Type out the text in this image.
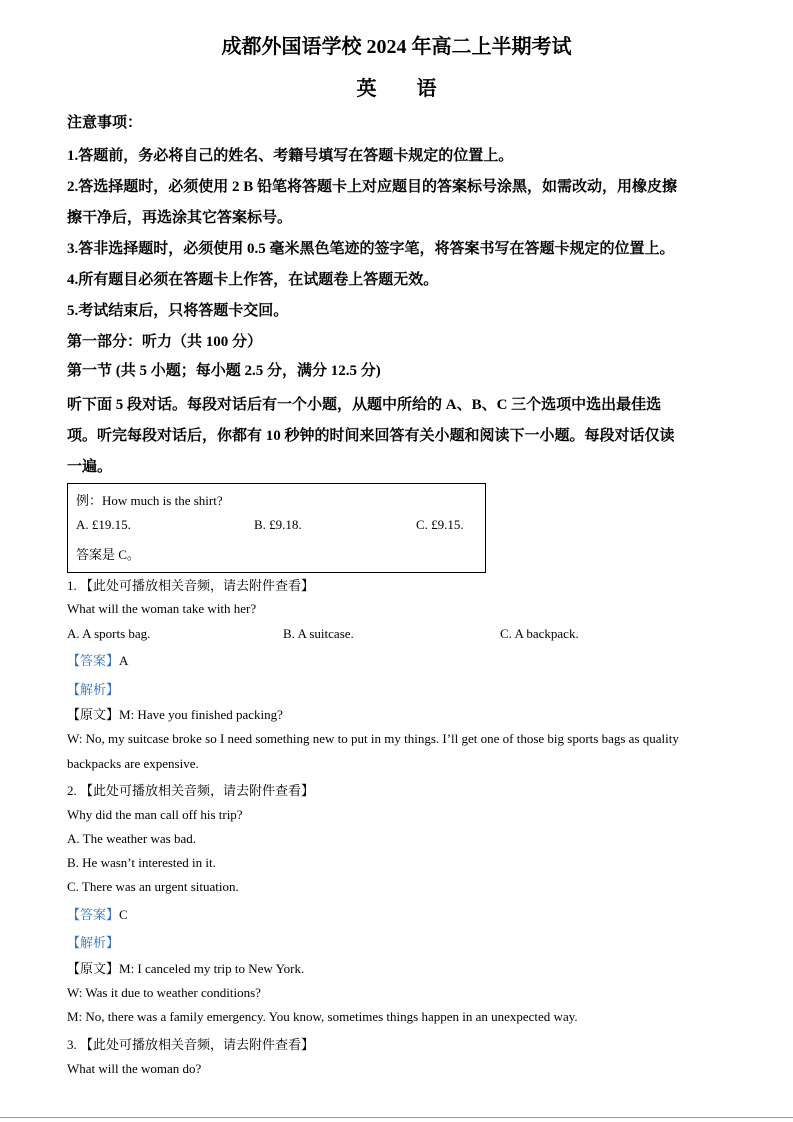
成都外国语学校 2024 年高二上半期考试
英　　语
注意事项：
1.答题前，务必将自己的姓名、考籍号填写在答题卡规定的位置上。
2.答选择题时，必须使用 2 B 铅笔将答题卡上对应题目的答案标号涂黑，如需改动，用橡皮擦
擦干净后，再选涂其它答案标号。
3.答非选择题时，必须使用 0.5 毫米黑色笔迹的签字笔，将答案书写在答题卡规定的位置上。
4.所有题目必须在答题卡上作答，在试题卷上答题无效。
5.考试结束后，只将答题卡交回。
第一部分：听力（共 100 分）
第一节 (共 5 小题；每小题 2.5 分，满分 12.5 分)
听下面 5 段对话。每段对话后有一个小题，从题中所给的 A、B、C 三个选项中选出最佳选
项。听完每段对话后，你都有 10 秒钟的时间来回答有关小题和阅读下一小题。每段对话仅读
一遍。
例：How much is the shirt?
A. £19.15.	B. £9.18.	C. £9.15.
答案是 C。
1. 【此处可播放相关音频，请去附件查看】
What will the woman take with her?
A. A sports bag.	B. A suitcase.	C. A backpack.
【答案】A
【解析】
【原文】M: Have you finished packing?
W: No, my suitcase broke so I need something new to put in my things. I’ll get one of those big sports bags as quality
backpacks are expensive.
2. 【此处可播放相关音频，请去附件查看】
Why did the man call off his trip?
A. The weather was bad.
B. He wasn’t interested in it.
C. There was an urgent situation.
【答案】C
【解析】
【原文】M: I canceled my trip to New York.
W: Was it due to weather conditions?
M: No, there was a family emergency. You know, sometimes things happen in an unexpected way.
3. 【此处可播放相关音频，请去附件查看】
What will the woman do?
